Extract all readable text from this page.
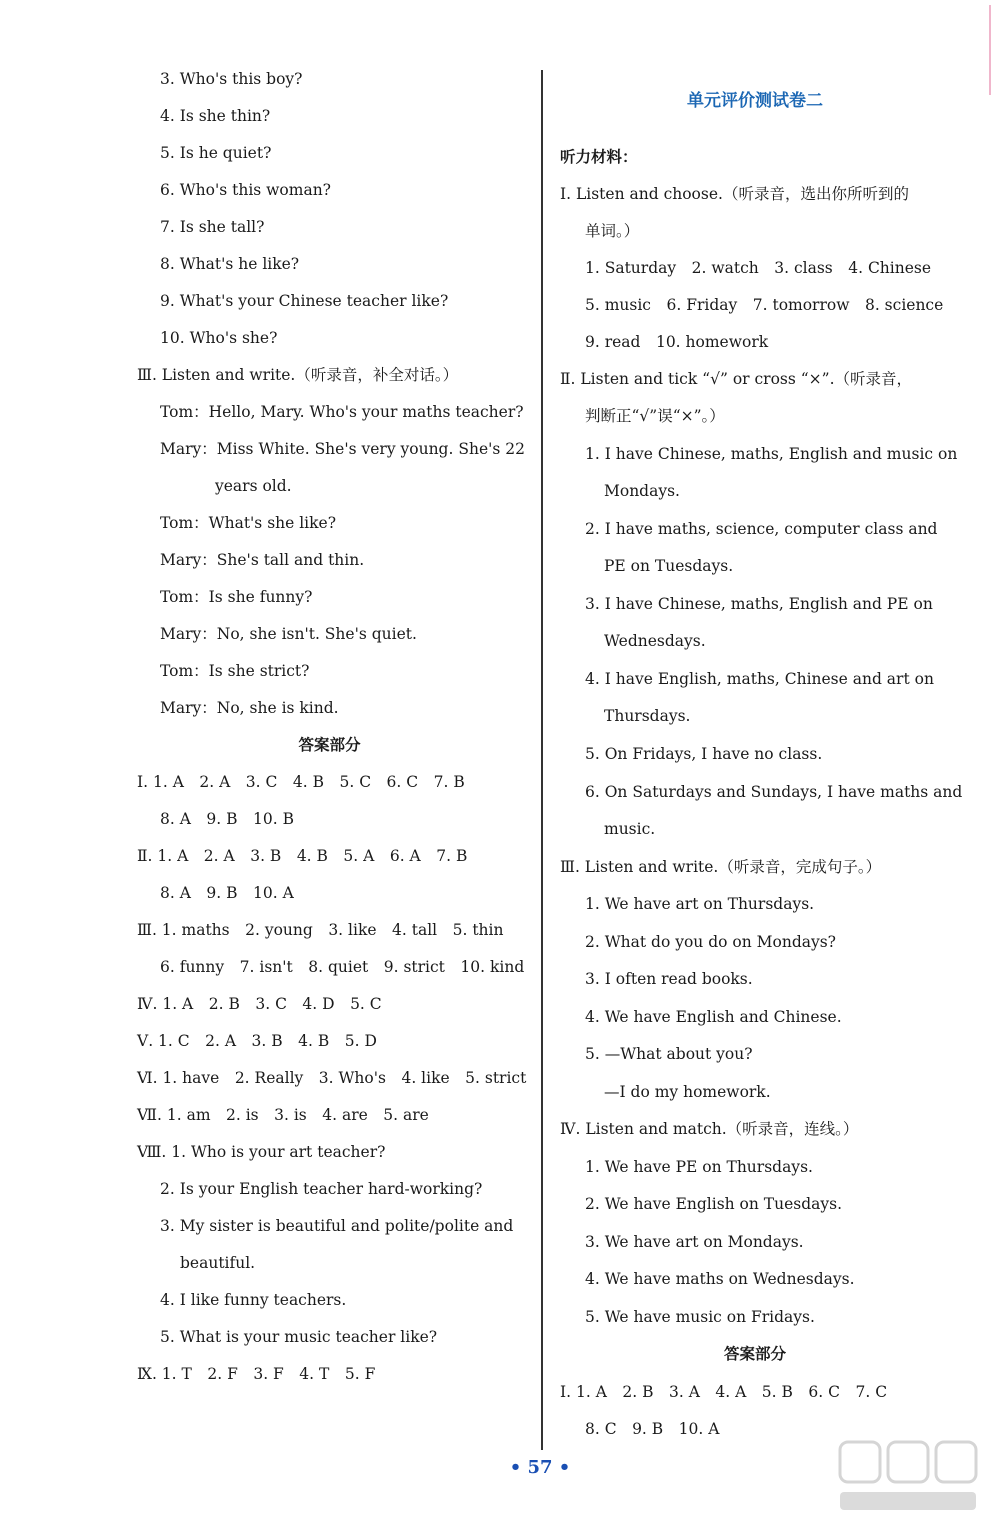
3. Who's this boy?
4. Is she thin?
5. Is he quiet?
6. Who's this woman?
7. Is she tall?
8. What's he like?
9. What's your Chinese teacher like?
10. Who's she?
Ⅲ. Listen and write.（听录音，补全对话。）
Tom：Hello, Mary. Who's your maths teacher?
Mary：Miss White. She's very young. She's 22
years old.
Tom：What's she like?
Mary：She's tall and thin.
Tom：Is she funny?
Mary：No, she isn't. She's quiet.
Tom：Is she strict?
Mary：No, she is kind.
答案部分
Ⅰ. 1. A　2. A　3. C　4. B　5. C　6. C　7. B
8. A　9. B　10. B
Ⅱ. 1. A　2. A　3. B　4. B　5. A　6. A　7. B
8. A　9. B　10. A
Ⅲ. 1. maths　2. young　3. like　4. tall　5. thin
6. funny　7. isn't　8. quiet　9. strict　10. kind
Ⅳ. 1. A　2. B　3. C　4. D　5. C
Ⅴ. 1. C　2. A　3. B　4. B　5. D
Ⅵ. 1. have　2. Really　3. Who's　4. like　5. strict
Ⅶ. 1. am　2. is　3. is　4. are　5. are
Ⅷ. 1. Who is your art teacher?
2. Is your English teacher hard-working?
3. My sister is beautiful and polite/polite and
beautiful.
4. I like funny teachers.
5. What is your music teacher like?
Ⅸ. 1. T　2. F　3. F　4. T　5. F
单元评价测试卷二
听力材料：
Ⅰ. Listen and choose.（听录音，选出你所听到的
单词。）
1. Saturday　2. watch　3. class　4. Chinese
5. music　6. Friday　7. tomorrow　8. science
9. read　10. homework
Ⅱ. Listen and tick “√” or cross “×”.（听录音，
判断正“√”误“×”。）
1. I have Chinese, maths, English and music on
Mondays.
2. I have maths, science, computer class and
PE on Tuesdays.
3. I have Chinese, maths, English and PE on
Wednesdays.
4. I have English, maths, Chinese and art on
Thursdays.
5. On Fridays, I have no class.
6. On Saturdays and Sundays, I have maths and
music.
Ⅲ. Listen and write.（听录音，完成句子。）
1. We have art on Thursdays.
2. What do you do on Mondays?
3. I often read books.
4. We have English and Chinese.
5. —What about you?
—I do my homework.
Ⅳ. Listen and match.（听录音，连线。）
1. We have PE on Thursdays.
2. We have English on Tuesdays.
3. We have art on Mondays.
4. We have maths on Wednesdays.
5. We have music on Fridays.
答案部分
Ⅰ. 1. A　2. B　3. A　4. A　5. B　6. C　7. C
8. C　9. B　10. A
• 57 •
